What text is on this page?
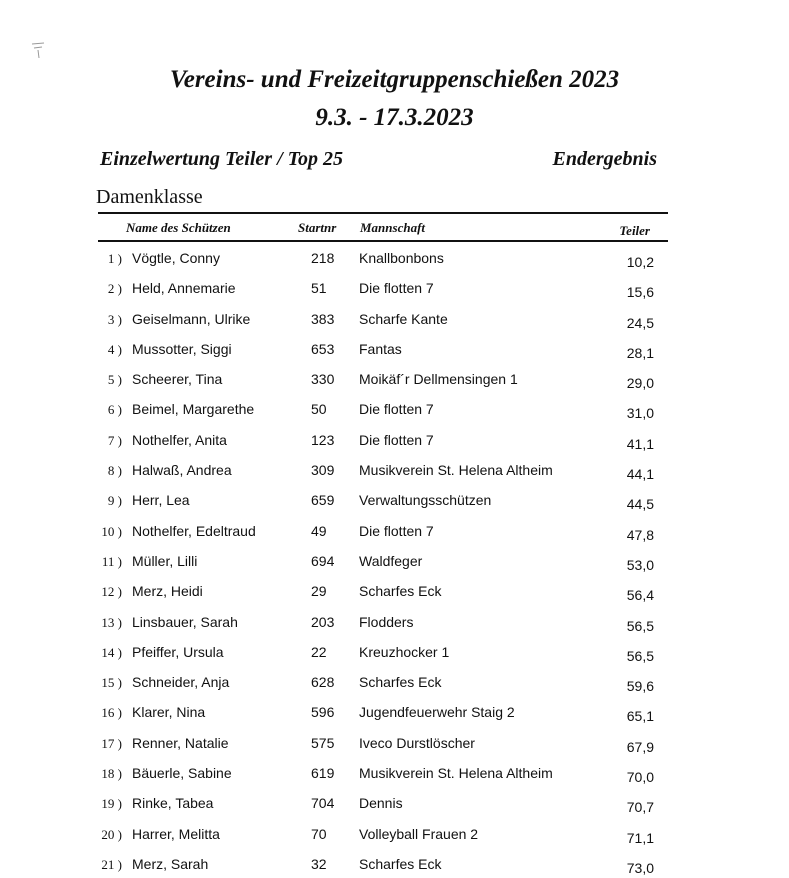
Vereins- und Freizeitgruppenschießen 2023
9.3. - 17.3.2023
Einzelwertung Teiler / Top 25	Endergebnis
Damenklasse
Name des Schützen	Startnr Mannschaft	Teiler
1 ) Vögtle, Conny	218 Knallbonbons	10,2
2 ) Held, Annemarie	51 Die flotten 7	15,6
3 ) Geiselmann, Ulrike	383 Scharfe Kante	24,5
4 ) Mussotter, Siggi	653 Fantas	28,1
5 ) Scheerer, Tina	330 Moikäf´r Dellmensingen 1	29,0
6 ) Beimel, Margarethe	50 Die flotten 7	31,0
7 ) Nothelfer, Anita	123 Die flotten 7	41,1
8 ) Halwaß, Andrea	309 Musikverein St. Helena Altheim	44,1
9 ) Herr, Lea	659 Verwaltungsschützen	44,5
10 ) Nothelfer, Edeltraud	49 Die flotten 7	47,8
11 ) Müller, Lilli	694 Waldfeger	53,0
12 ) Merz, Heidi	29 Scharfes Eck	56,4
13 ) Linsbauer, Sarah	203 Flodders	56,5
14 ) Pfeiffer, Ursula	22 Kreuzhocker 1	56,5
15 ) Schneider, Anja	628 Scharfes Eck	59,6
16 ) Klarer, Nina	596 Jugendfeuerwehr Staig 2	65,1
17 ) Renner, Natalie	575 Iveco Durstlöscher	67,9
18 ) Bäuerle, Sabine	619 Musikverein St. Helena Altheim	70,0
19 ) Rinke, Tabea	704 Dennis	70,7
20 ) Harrer, Melitta	70 Volleyball Frauen 2	71,1
21 ) Merz, Sarah	32 Scharfes Eck	73,0
